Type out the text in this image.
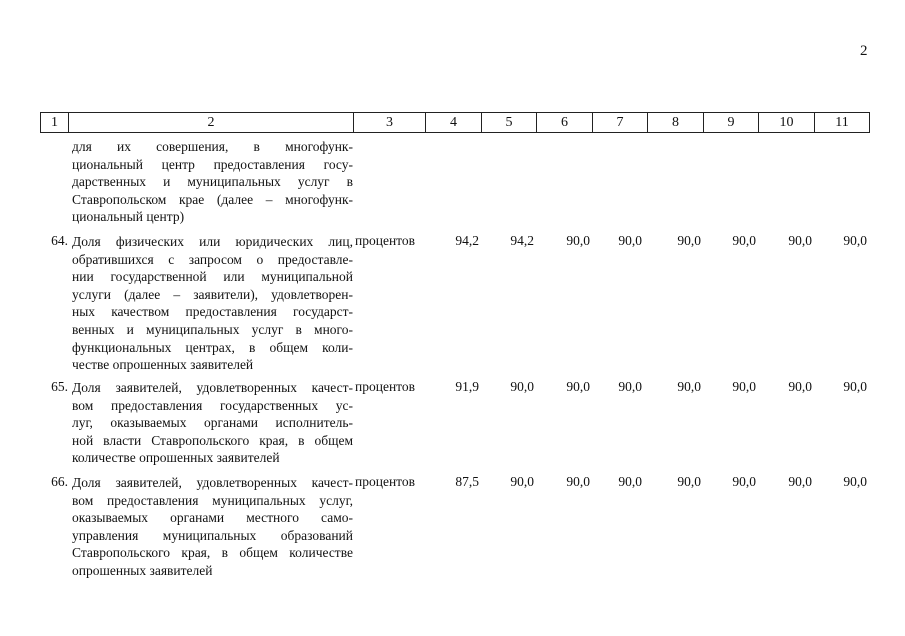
2
1	2	3	4	5	6	7	8	9	10	11
для их совершения, в многофунк-
циональный центр предоставления госу-
дарственных и муниципальных услуг в
Ставропольском крае (далее – многофунк-
циональный центр)
64. Доля физических или юридических лиц,
обратившихся с запросом о предоставле-
нии государственной или муниципальной
услуги (далее – заявители), удовлетворен-
ных качеством предоставления государст-
венных и муниципальных услуг в много-
функциональных центрах, в общем коли-
честве опрошенных заявителей
процентов	94,2	94,2	90,0	90,0	90,0	90,0	90,0	90,0
65. Доля заявителей, удовлетворенных качест-
вом предоставления государственных ус-
луг, оказываемых органами исполнитель-
ной власти Ставропольского края, в общем
количестве опрошенных заявителей
процентов	91,9	90,0	90,0	90,0	90,0	90,0	90,0	90,0
66. Доля заявителей, удовлетворенных качест-
вом предоставления муниципальных услуг,
оказываемых органами местного само-
управления муниципальных образований
Ставропольского края, в общем количестве
опрошенных заявителей
процентов	87,5	90,0	90,0	90,0	90,0	90,0	90,0	90,0
